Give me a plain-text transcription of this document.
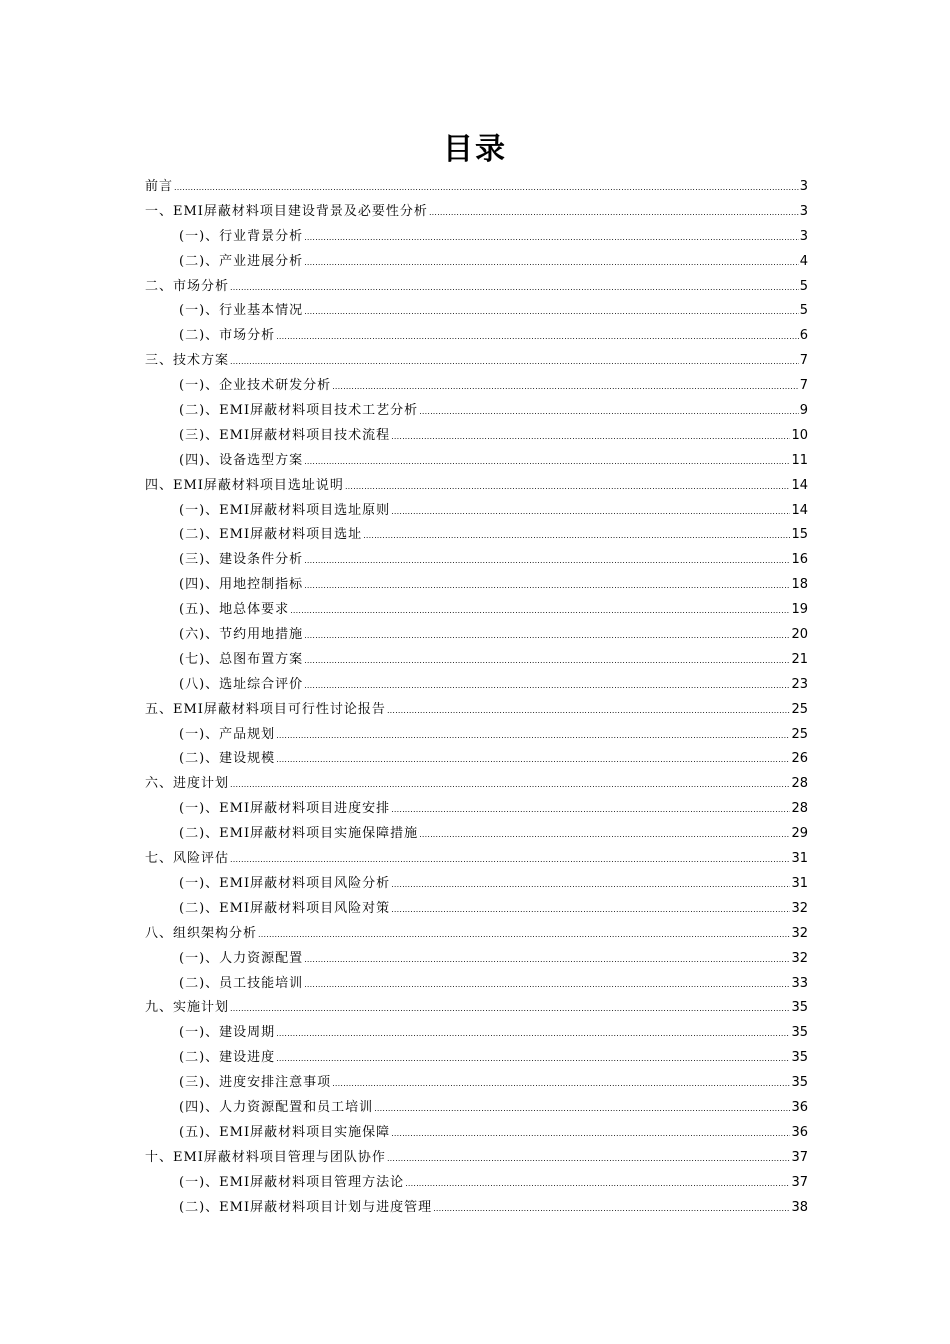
目录
前言 .....	3
一、EMI屏蔽材料项目建设背景及必要性分析 .....	3
(一)、行业背景分析 .....	3
(二)、产业进展分析 .....	4
二、市场分析 .....	5
(一)、行业基本情况 .....	5
(二)、市场分析 .....	6
三、技术方案 .....	7
(一)、企业技术研发分析 .....	7
(二)、EMI屏蔽材料项目技术工艺分析 .....	9
(三)、EMI屏蔽材料项目技术流程 .....	10
(四)、设备选型方案 .....	11
四、EMI屏蔽材料项目选址说明 .....	14
(一)、EMI屏蔽材料项目选址原则 .....	14
(二)、EMI屏蔽材料项目选址 .....	15
(三)、建设条件分析 .....	16
(四)、用地控制指标 .....	18
(五)、地总体要求 .....	19
(六)、节约用地措施 .....	20
(七)、总图布置方案 .....	21
(八)、选址综合评价 .....	23
五、EMI屏蔽材料项目可行性讨论报告 .....	25
(一)、产品规划 .....	25
(二)、建设规模 .....	26
六、进度计划 .....	28
(一)、EMI屏蔽材料项目进度安排 .....	28
(二)、EMI屏蔽材料项目实施保障措施 .....	29
七、风险评估 .....	31
(一)、EMI屏蔽材料项目风险分析 .....	31
(二)、EMI屏蔽材料项目风险对策 .....	32
八、组织架构分析 .....	32
(一)、人力资源配置 .....	32
(二)、员工技能培训 .....	33
九、实施计划 .....	35
(一)、建设周期 .....	35
(二)、建设进度 .....	35
(三)、进度安排注意事项 .....	35
(四)、人力资源配置和员工培训 .....	36
(五)、EMI屏蔽材料项目实施保障 .....	36
十、EMI屏蔽材料项目管理与团队协作 .....	37
(一)、EMI屏蔽材料项目管理方法论 .....	37
(二)、EMI屏蔽材料项目计划与进度管理 .....	38
